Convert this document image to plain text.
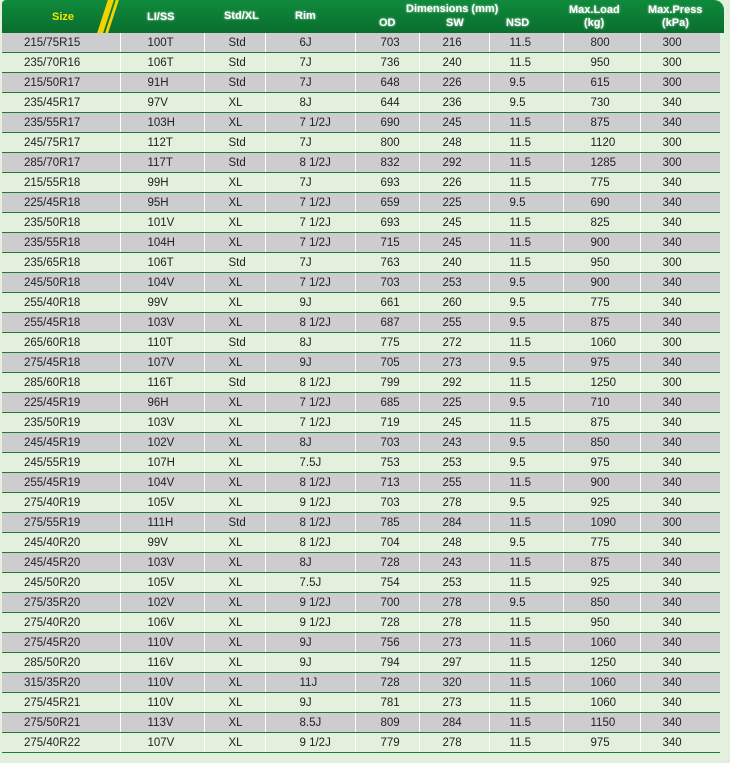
Size	LI/SS	Std/XL	Rim
Dimensions (mm)
OD	SW	NSD
Max.Load
(kg)
Max.Press
(kPa)
215/75R15	100T	Std	6J	703	216	11.5	800	300
235/70R16	106T	Std	7J	736	240	11.5	950	300
215/50R17	91H	Std	7J	648	226	9.5	615	300
235/45R17	97V	XL	8J	644	236	9.5	730	340
235/55R17	103H	XL	7 1/2J	690	245	11.5	875	340
245/75R17	112T	Std	7J	800	248	11.5	1120	300
285/70R17	117T	Std	8 1/2J	832	292	11.5	1285	300
215/55R18	99H	XL	7J	693	226	11.5	775	340
225/45R18	95H	XL	7 1/2J	659	225	9.5	690	340
235/50R18	101V	XL	7 1/2J	693	245	11.5	825	340
235/55R18	104H	XL	7 1/2J	715	245	11.5	900	340
235/65R18	106T	Std	7J	763	240	11.5	950	300
245/50R18	104V	XL	7 1/2J	703	253	9.5	900	340
255/40R18	99V	XL	9J	661	260	9.5	775	340
255/45R18	103V	XL	8 1/2J	687	255	9.5	875	340
265/60R18	110T	Std	8J	775	272	11.5	1060	300
275/45R18	107V	XL	9J	705	273	9.5	975	340
285/60R18	116T	Std	8 1/2J	799	292	11.5	1250	300
225/45R19	96H	XL	7 1/2J	685	225	9.5	710	340
235/50R19	103V	XL	7 1/2J	719	245	11.5	875	340
245/45R19	102V	XL	8J	703	243	9.5	850	340
245/55R19	107H	XL	7.5J	753	253	9.5	975	340
255/45R19	104V	XL	8 1/2J	713	255	11.5	900	340
275/40R19	105V	XL	9 1/2J	703	278	9.5	925	340
275/55R19	111H	Std	8 1/2J	785	284	11.5	1090	300
245/40R20	99V	XL	8 1/2J	704	248	9.5	775	340
245/45R20	103V	XL	8J	728	243	11.5	875	340
245/50R20	105V	XL	7.5J	754	253	11.5	925	340
275/35R20	102V	XL	9 1/2J	700	278	9.5	850	340
275/40R20	106V	XL	9 1/2J	728	278	11.5	950	340
275/45R20	110V	XL	9J	756	273	11.5	1060	340
285/50R20	116V	XL	9J	794	297	11.5	1250	340
315/35R20	110V	XL	11J	728	320	11.5	1060	340
275/45R21	110V	XL	9J	781	273	11.5	1060	340
275/50R21	113V	XL	8.5J	809	284	11.5	1150	340
275/40R22	107V	XL	9 1/2J	779	278	11.5	975	340
